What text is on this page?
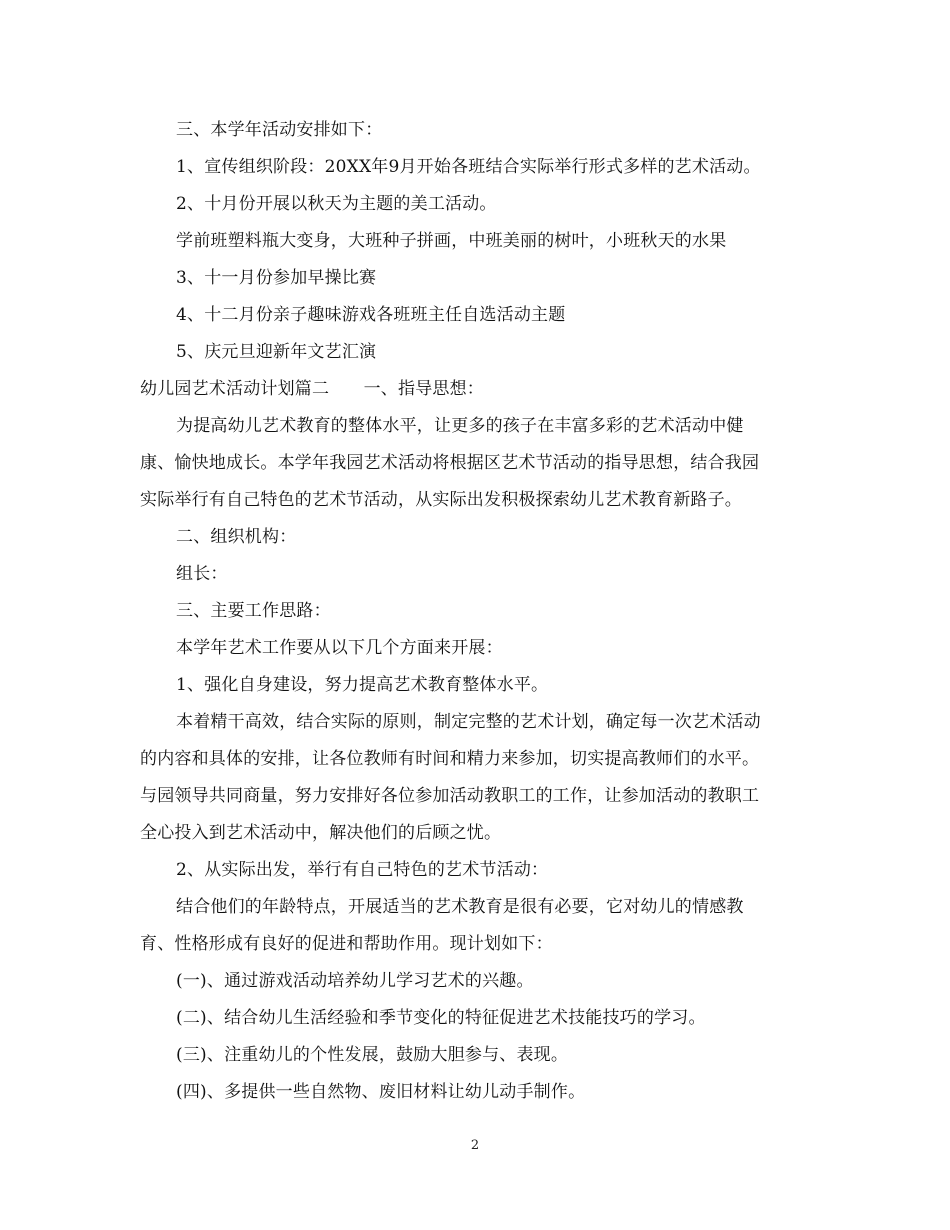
三、本学年活动安排如下：
1、宣传组织阶段：20XX年9月开始各班结合实际举行形式多样的艺术活动。
2、十月份开展以秋天为主题的美工活动。
学前班塑料瓶大变身，大班种子拼画，中班美丽的树叶，小班秋天的水果
3、十一月份参加早操比赛
4、十二月份亲子趣味游戏各班班主任自选活动主题
5、庆元旦迎新年文艺汇演
幼儿园艺术活动计划篇二　　一、指导思想：
为提高幼儿艺术教育的整体水平，让更多的孩子在丰富多彩的艺术活动中健
康、愉快地成长。本学年我园艺术活动将根据区艺术节活动的指导思想，结合我园
实际举行有自己特色的艺术节活动，从实际出发积极探索幼儿艺术教育新路子。
二、组织机构：
组长：
三、主要工作思路：
本学年艺术工作要从以下几个方面来开展：
1、强化自身建设，努力提高艺术教育整体水平。
本着精干高效，结合实际的原则，制定完整的艺术计划，确定每一次艺术活动
的内容和具体的安排，让各位教师有时间和精力来参加，切实提高教师们的水平。
与园领导共同商量，努力安排好各位参加活动教职工的工作，让参加活动的教职工
全心投入到艺术活动中，解决他们的后顾之忧。
2、从实际出发，举行有自己特色的艺术节活动：
结合他们的年龄特点，开展适当的艺术教育是很有必要，它对幼儿的情感教
育、性格形成有良好的促进和帮助作用。现计划如下：
(一)、通过游戏活动培养幼儿学习艺术的兴趣。
(二)、结合幼儿生活经验和季节变化的特征促进艺术技能技巧的学习。
(三)、注重幼儿的个性发展，鼓励大胆参与、表现。
(四)、多提供一些自然物、废旧材料让幼儿动手制作。
2
